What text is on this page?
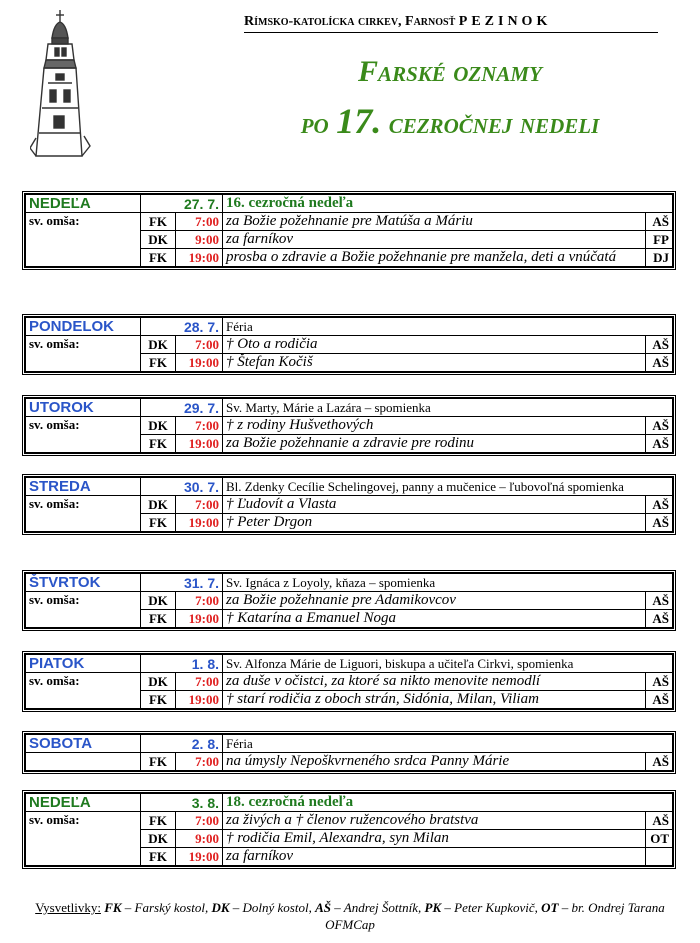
Rímsko-katolícka cirkev, Farnosť PEZINOK
Farské oznamy
po 17. cezročnej nedeli
NEDEĽA	27. 7.		16. cezročná nedeľa	
sv. omša:	FK	7:00	za Božie požehnanie pre Matúša a Máriu	AŠ
	DK	9:00	za farníkov	FP
	FK	19:00	prosba o zdravie a Božie požehnanie pre manžela, deti a vnúčatá	DJ
PONDELOK	28. 7.		Féria	
sv. omša:	DK	7:00	† Oto a rodičia	AŠ
	FK	19:00	† Štefan Kočiš	AŠ
UTOROK	29. 7.		Sv. Marty, Márie a Lazára – spomienka	
sv. omša:	DK	7:00	† z rodiny Hušvethových	AŠ
	FK	19:00	za Božie požehnanie a zdravie pre rodinu	AŠ
STREDA	30. 7.		Bl. Zdenky Cecílie Schelingovej, panny a mučenice – ľubovoľná spomienka	
sv. omša:	DK	7:00	† Ľudovít a Vlasta	AŠ
	FK	19:00	† Peter Drgon	AŠ
ŠTVRTOK	31. 7.		Sv. Ignáca z Loyoly, kňaza – spomienka	
sv. omša:	DK	7:00	za Božie požehnanie pre Adamikovcov	AŠ
	FK	19:00	† Katarína a Emanuel Noga	AŠ
PIATOK	1. 8.		Sv. Alfonza Márie de Liguori, biskupa a učiteľa Cirkvi, spomienka	
sv. omša:	DK	7:00	za duše v očistci, za ktoré sa nikto menovite nemodlí	AŠ
	FK	19:00	† starí rodičia z oboch strán, Sidónia, Milan, Viliam	AŠ
SOBOTA	2. 8.		Féria	
	FK	7:00	na úmysly Nepoškvrneného srdca Panny Márie	AŠ
NEDEĽA	3. 8.		18. cezročná nedeľa	
sv. omša:	FK	7:00	za živých a † členov ružencového bratstva	AŠ
	DK	9:00	† rodičia Emil, Alexandra, syn Milan	OT
	FK	19:00	za farníkov	
Vysvetlivky: FK – Farský kostol, DK – Dolný kostol, AŠ – Andrej Šottník, PK – Peter Kupkovič, OT – br. Ondrej Tarana OFMCap
